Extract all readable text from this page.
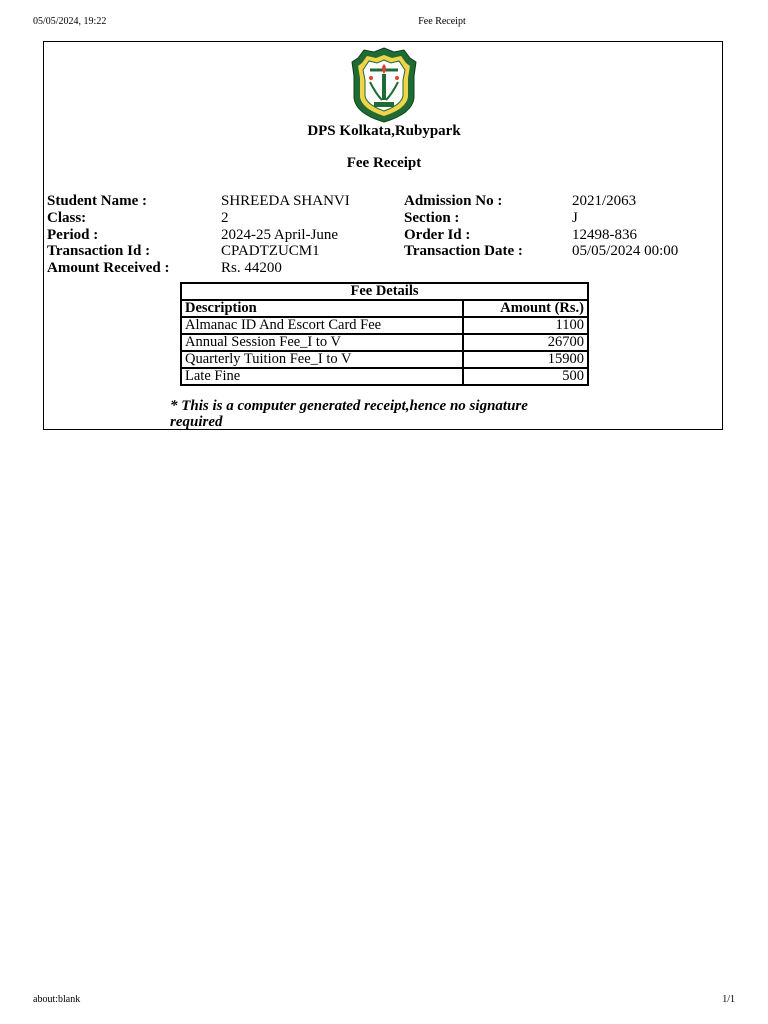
05/05/2024, 19:22	Fee Receipt
DPS Kolkata,Rubypark
Fee Receipt
Student Name :	SHREEDA SHANVI	Admission No :	2021/2063
Class:	2	Section :	J
Period :	2024-25 April-June	Order Id :	12498-836
Transaction Id :	CPADTZUCM1	Transaction Date :	05/05/2024 00:00
Amount Received :	Rs. 44200
Fee Details	
Description	Amount (Rs.)
Almanac ID And Escort Card Fee	1100
Annual Session Fee_I to V	26700
Quarterly Tuition Fee_I to V	15900
Late Fine	500
* This is a computer generated receipt,hence no signature required
about:blank	1/1
